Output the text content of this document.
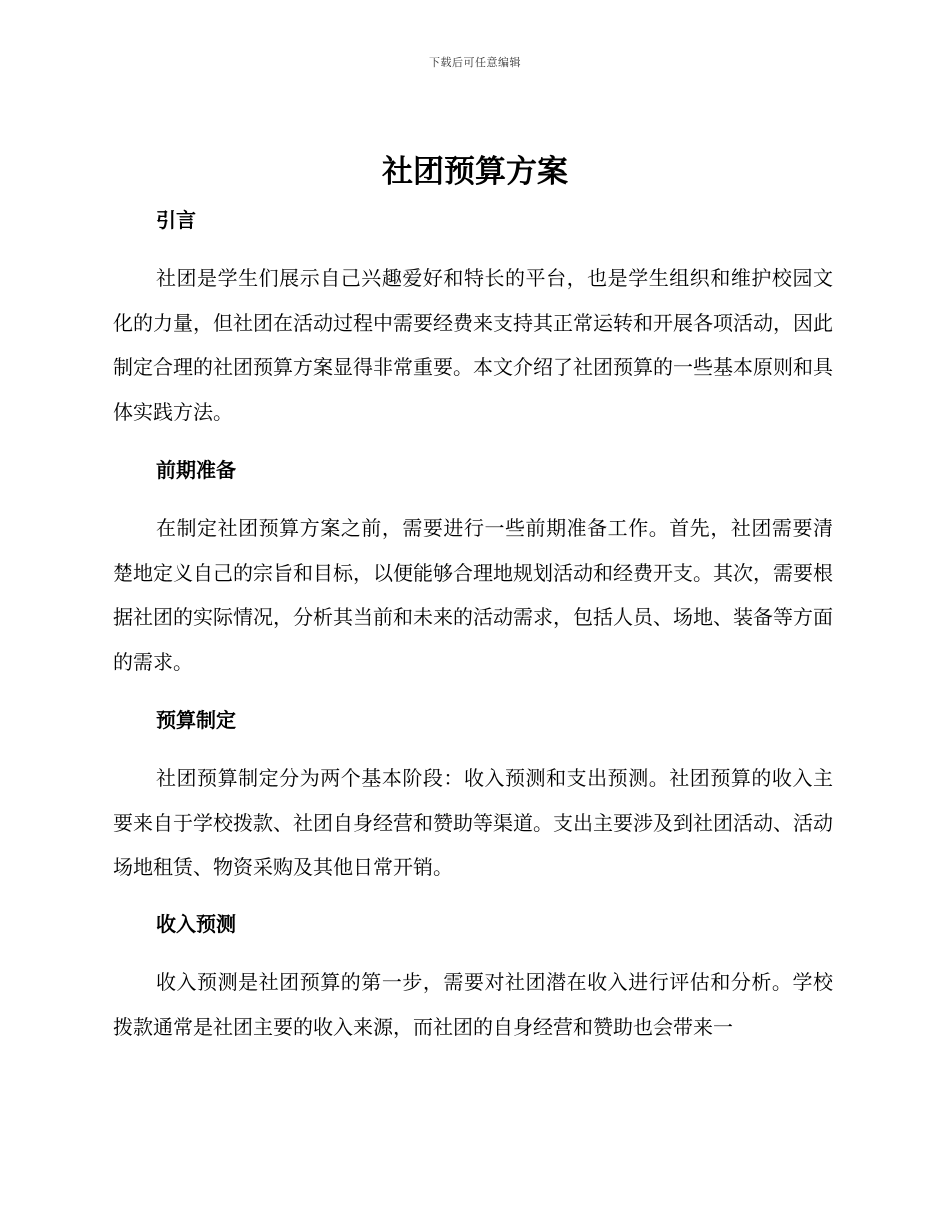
下载后可任意编辑
社团预算方案
引言

社团是学生们展示自己兴趣爱好和特长的平台，也是学生组织和维护校园文化的力量，但社团在活动过程中需要经费来支持其正常运转和开展各项活动，因此制定合理的社团预算方案显得非常重要。本文介绍了社团预算的一些基本原则和具体实践方法。

前期准备

在制定社团预算方案之前，需要进行一些前期准备工作。首先，社团需要清楚地定义自己的宗旨和目标，以便能够合理地规划活动和经费开支。其次，需要根据社团的实际情况，分析其当前和未来的活动需求，包括人员、场地、装备等方面的需求。

预算制定

社团预算制定分为两个基本阶段：收入预测和支出预测。社团预算的收入主要来自于学校拨款、社团自身经营和赞助等渠道。支出主要涉及到社团活动、活动场地租赁、物资采购及其他日常开销。

收入预测

收入预测是社团预算的第一步，需要对社团潜在收入进行评估和分析。学校拨款通常是社团主要的收入来源，而社团的自身经营和赞助也会带来一
